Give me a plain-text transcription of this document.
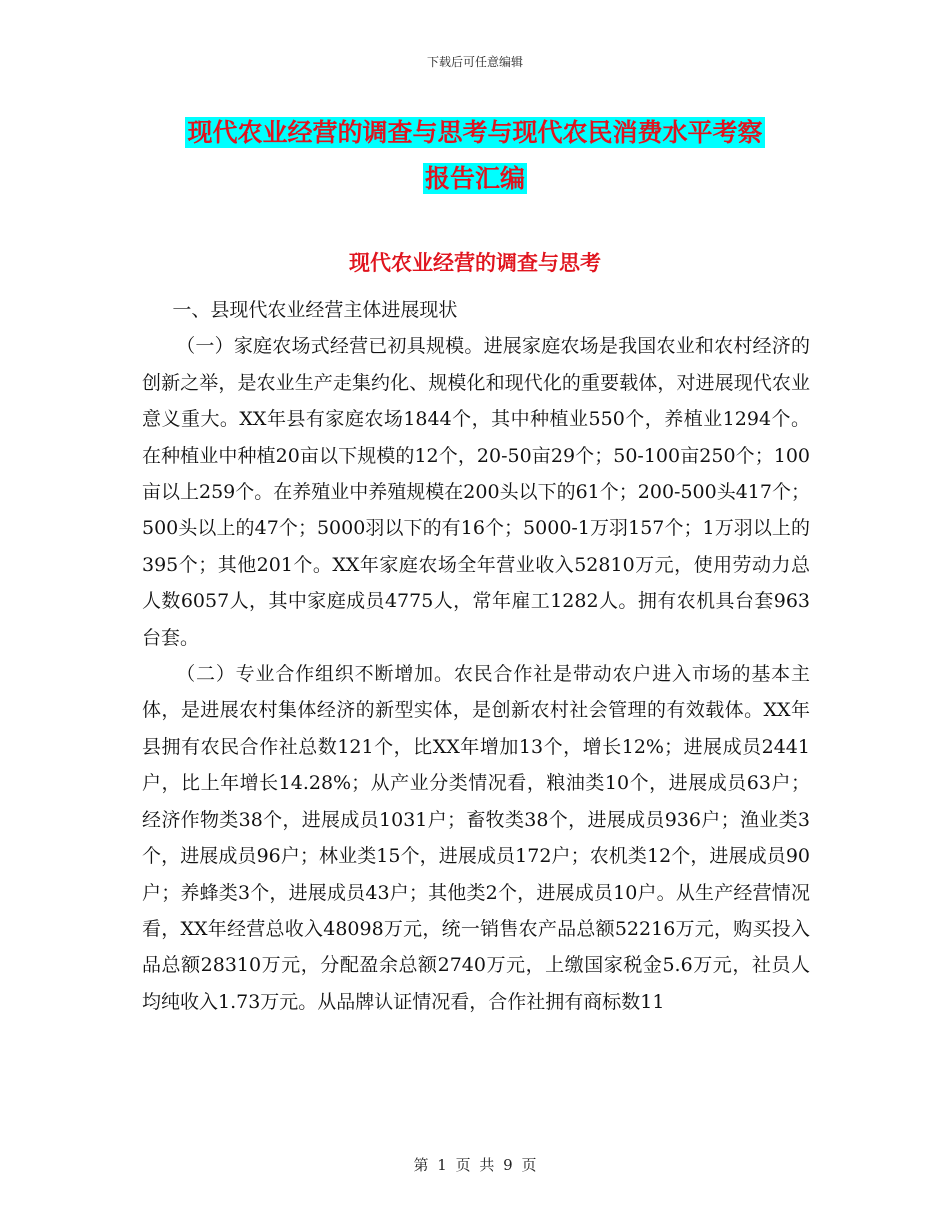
下载后可任意编辑
现代农业经营的调查与思考与现代农民消费水平考察
报告汇编
现代农业经营的调查与思考

一、县现代农业经营主体进展现状

（一）家庭农场式经营已初具规模。进展家庭农场是我国农业和农村经济的创新之举，是农业生产走集约化、规模化和现代化的重要载体，对进展现代农业意义重大。XX年县有家庭农场1844个，其中种植业550个，养植业1294个。在种植业中种植20亩以下规模的12个，20-50亩29个；50-100亩250个；100亩以上259个。在养殖业中养殖规模在200头以下的61个；200-500头417个；500头以上的47个；5000羽以下的有16个；5000-1万羽157个；1万羽以上的395个；其他201个。XX年家庭农场全年营业收入52810万元，使用劳动力总人数6057人，其中家庭成员4775人，常年雇工1282人。拥有农机具台套963台套。

（二）专业合作组织不断增加。农民合作社是带动农户进入市场的基本主体，是进展农村集体经济的新型实体，是创新农村社会管理的有效载体。XX年县拥有农民合作社总数121个，比XX年增加13个，增长12%；进展成员2441户，比上年增长14.28%；从产业分类情况看，粮油类10个，进展成员63户；经济作物类38个，进展成员1031户；畜牧类38个，进展成员936户；渔业类3个，进展成员96户；林业类15个，进展成员172户；农机类12个，进展成员90户；养蜂类3个，进展成员43户；其他类2个，进展成员10户。从生产经营情况看，XX年经营总收入48098万元，统一销售农产品总额52216万元，购买投入品总额28310万元，分配盈余总额2740万元，上缴国家税金5.6万元，社员人均纯收入1.73万元。从品牌认证情况看，合作社拥有商标数11

第 1 页 共 9 页
